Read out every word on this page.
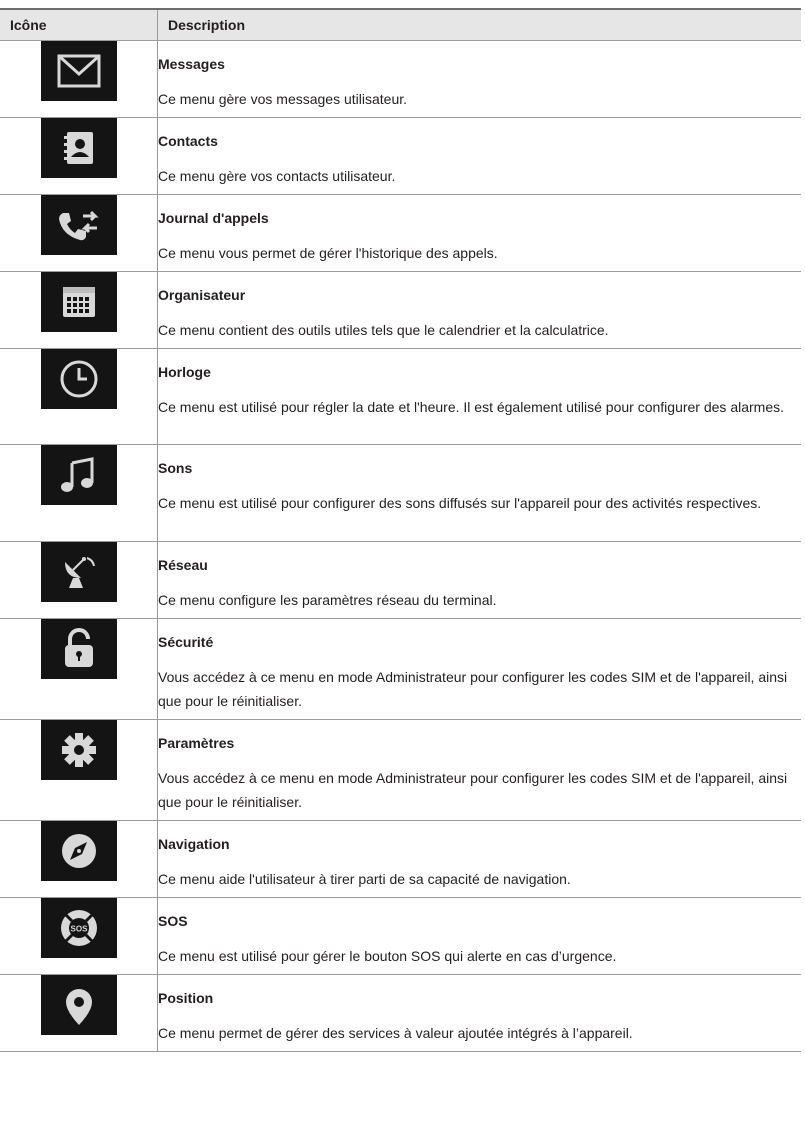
Icône	Description

Messages
Ce menu gère vos messages utilisateur.

Contacts
Ce menu gère vos contacts utilisateur.

Journal d'appels
Ce menu vous permet de gérer l'historique des appels.

Organisateur
Ce menu contient des outils utiles tels que le calendrier et la calculatrice.

Horloge
Ce menu est utilisé pour régler la date et l'heure. Il est également utilisé pour configurer des alarmes.

Sons
Ce menu est utilisé pour configurer des sons diffusés sur l'appareil pour des activités respectives.

Réseau
Ce menu configure les paramètres réseau du terminal.

Sécurité
Vous accédez à ce menu en mode Administrateur pour configurer les codes SIM et de l'appareil, ainsi que pour le réinitialiser.

Paramètres
Vous accédez à ce menu en mode Administrateur pour configurer les codes SIM et de l'appareil, ainsi que pour le réinitialiser.

Navigation
Ce menu aide l'utilisateur à tirer parti de sa capacité de navigation.

SOS	SOS
Ce menu est utilisé pour gérer le bouton SOS qui alerte en cas d’urgence.

Position
Ce menu permet de gérer des services à valeur ajoutée intégrés à l’appareil.
